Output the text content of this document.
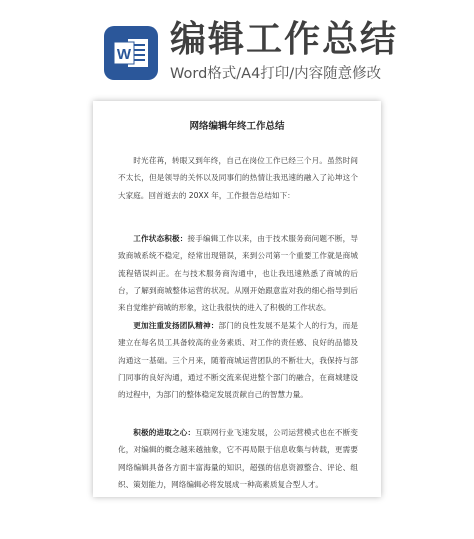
W 编辑工作总结
Word格式/A4打印/内容随意修改
网络编辑年终工作总结

时光荏苒，转眼又到年终，自己在岗位工作已经三个月。虽然时间不太长，但是领导的关怀以及同事们的热情让我迅速的融入了沁坤这个大家庭。回首逝去的 20XX 年，工作报告总结如下：

工作状态积极：接手编辑工作以来，由于技术服务商问题不断，导致商城系统不稳定，经常出现错误，来到公司第一个重要工作就是商城流程错误纠正。在与技术服务商沟通中，也让我迅速熟悉了商城的后台，了解到商城整体运营的状况。从刚开始跟意监对我的细心指导到后来自觉维护商城的形象，这让我很快的进入了积极的工作状态。

更加注重发扬团队精神：部门的良性发展不是某个人的行为，而是建立在每名员工具备较高的业务素质、对工作的责任感、良好的品德及沟通这一基础。三个月来，随着商城运营团队的不断壮大，我保持与部门同事的良好沟通，通过不断交流来促进整个部门的融合，在商城建设的过程中，为部门的整体稳定发展贡献自己的智慧力量。

积极的进取之心：互联网行业飞速发展，公司运营模式也在不断变化，对编辑的概念越来越抽象，它不再局限于信息收集与转载，更需要网络编辑具备各方面丰富海量的知识，超强的信息资源整合、评论、组织、策划能力，网络编辑必将发展成一种高素质复合型人才。
